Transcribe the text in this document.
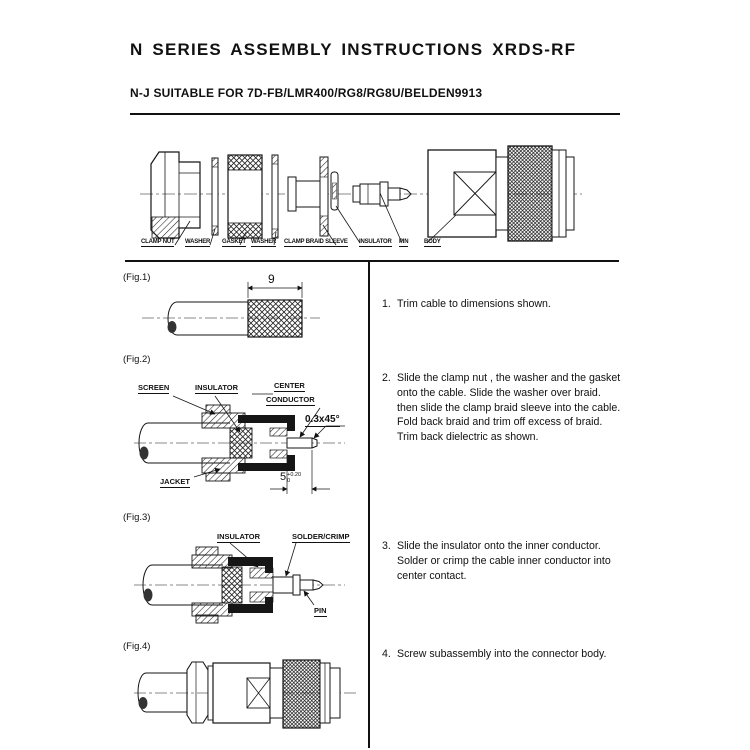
N SERIES ASSEMBLY INSTRUCTIONS XRDS-RF
N-J SUITABLE FOR 7D-FB/LMR400/RG8/RG8U/BELDEN9913
CLAMP NUT WASHER GASKET WASHER CLAMP BRAID SLEEVE INSULATOR PIN	BODY
(Fig.1)	9
(Fig.2)
SCREEN	INSULATOR	CENTER
CONDUCTOR
0.3x45°
JACKET	5 +0.20
0
(Fig.3)
INSULATOR	SOLDER/CRIMP
PIN
(Fig.4)
1. Trim cable to dimensions shown.
2. Slide the clamp nut , the washer and the gasket onto the cable. Slide the washer over braid. then slide the clamp braid sleeve into the cable. Fold back braid and trim off excess of braid. Trim back dielectric as shown.
3. Slide the insulator onto the inner conductor. Solder or crimp the cable inner conductor into center contact.
4. Screw subassembly into the connector body.
